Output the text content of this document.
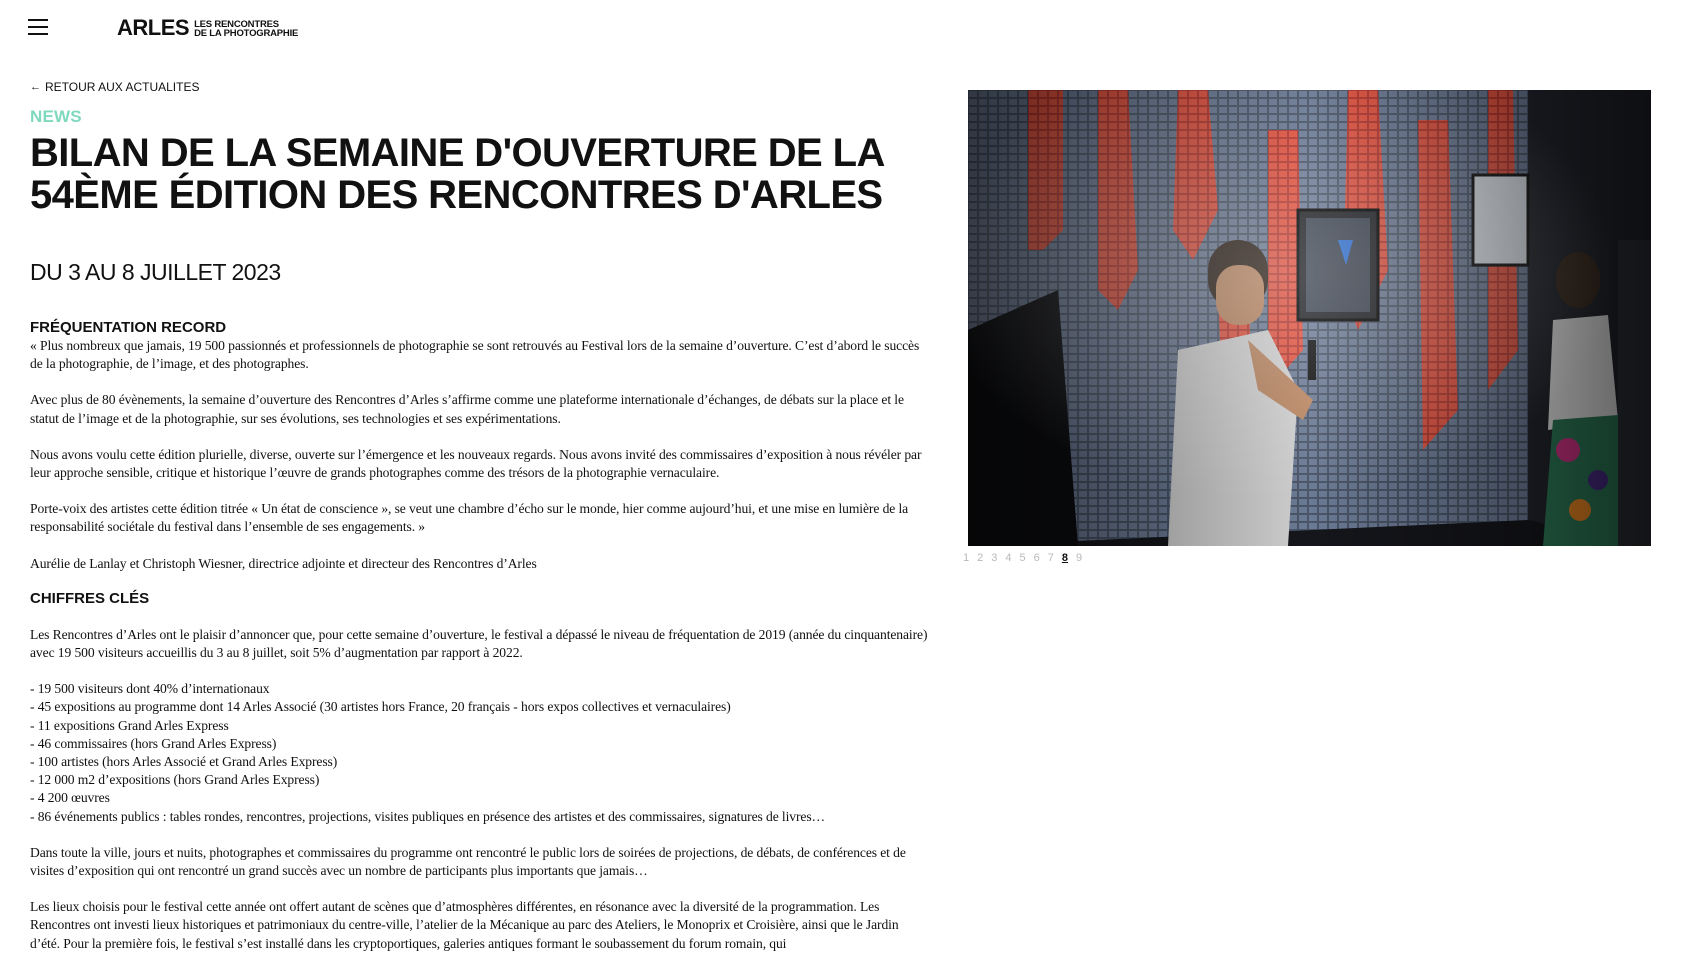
ARLES LES RENCONTRES
DE LA PHOTOGRAPHIE
← RETOUR AUX ACTUALITES
NEWS
BILAN DE LA SEMAINE D'OUVERTURE DE LA 54ÈME ÉDITION DES RENCONTRES D'ARLES
DU 3 AU 8 JUILLET 2023
FRÉQUENTATION RECORD

« Plus nombreux que jamais, 19 500 passionnés et professionnels de photographie se sont retrouvés au Festival lors de la semaine d’ouverture. C’est d’abord le succès de la photographie, de l’image, et des photographes.

Avec plus de 80 évènements, la semaine d’ouverture des Rencontres d’Arles s’affirme comme une plateforme internationale d’échanges, de débats sur la place et le statut de l’image et de la photographie, sur ses évolutions, ses technologies et ses expérimentations.

Nous avons voulu cette édition plurielle, diverse, ouverte sur l’émergence et les nouveaux regards. Nous avons invité des commissaires d’exposition à nous révéler par leur approche sensible, critique et historique l’œuvre de grands photographes comme des trésors de la photographie vernaculaire.

Porte-voix des artistes cette édition titrée « Un état de conscience », se veut une chambre d’écho sur le monde, hier comme aujourd’hui, et une mise en lumière de la responsabilité sociétale du festival dans l’ensemble de ses engagements. »

Aurélie de Lanlay et Christoph Wiesner, directrice adjointe et directeur des Rencontres d’Arles

CHIFFRES CLÉS

Les Rencontres d’Arles ont le plaisir d’annoncer que, pour cette semaine d’ouverture, le festival a dépassé le niveau de fréquentation de 2019 (année du cinquantenaire) avec 19 500 visiteurs accueillis du 3 au 8 juillet, soit 5% d’augmentation par rapport à 2022.

- 19 500 visiteurs dont 40% d’internationaux
- 45 expositions au programme dont 14 Arles Associé (30 artistes hors France, 20 français - hors expos collectives et vernaculaires)
- 11 expositions Grand Arles Express
- 46 commissaires (hors Grand Arles Express)
- 100 artistes (hors Arles Associé et Grand Arles Express)
- 12 000 m2 d’expositions (hors Grand Arles Express)
- 4 200 œuvres
- 86 événements publics : tables rondes, rencontres, projections, visites publiques en présence des artistes et des commissaires, signatures de livres…

Dans toute la ville, jours et nuits, photographes et commissaires du programme ont rencontré le public lors de soirées de projections, de débats, de conférences et de visites d’exposition qui ont rencontré un grand succès avec un nombre de participants plus importants que jamais…

Les lieux choisis pour le festival cette année ont offert autant de scènes que d’atmosphères différentes, en résonance avec la diversité de la programmation. Les Rencontres ont investi lieux historiques et patrimoniaux du centre-ville, l’atelier de la Mécanique au parc des Ateliers, le Monoprix et Croisière, ainsi que le Jardin d’été. Pour la première fois, le festival s’est installé dans les cryptoportiques, galeries antiques formant le soubassement du forum romain, qui

1 2 3 4 5 6 7 8 9
